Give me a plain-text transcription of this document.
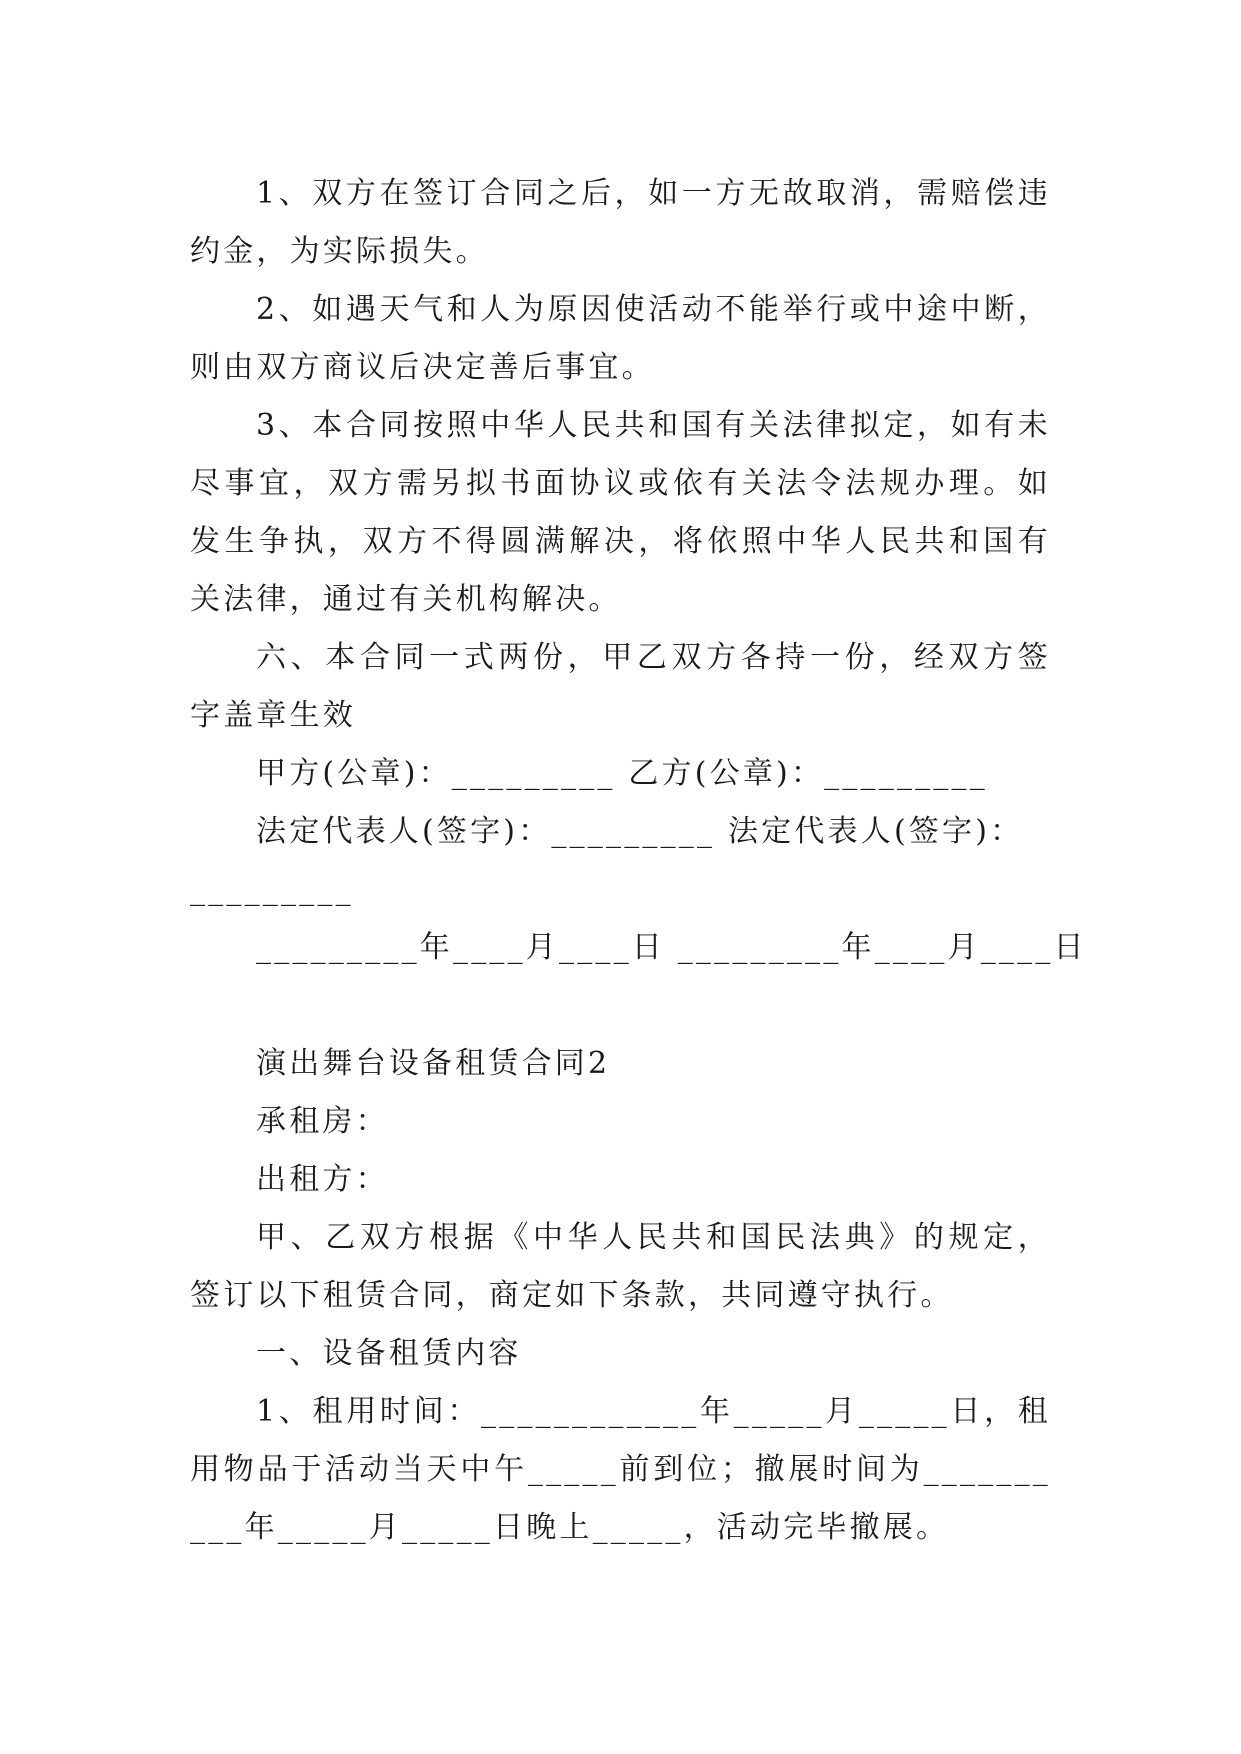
1、双方在签订合同之后，如一方无故取消，需赔偿违约金，为实际损失。

2、如遇天气和人为原因使活动不能举行或中途中断，则由双方商议后决定善后事宜。

3、本合同按照中华人民共和国有关法律拟定，如有未尽事宜，双方需另拟书面协议或依有关法令法规办理。如发生争执，双方不得圆满解决，将依照中华人民共和国有关法律，通过有关机构解决。

六、本合同一式两份，甲乙双方各持一份，经双方签字盖章生效

甲方(公章)：_________ 乙方(公章)：_________

法定代表人(签字)：_________ 法定代表人(签字)：

_________

_________年____月____日 _________年____月____日

演出舞台设备租赁合同2

承租房：

出租方：

甲、乙双方根据《中华人民共和国民法典》的规定，签订以下租赁合同，商定如下条款，共同遵守执行。

一、设备租赁内容

1、租用时间：____________年_____月_____日，租用物品于活动当天中午_____前到位；撤展时间为__________年_____月_____日晚上_____，活动完毕撤展。
